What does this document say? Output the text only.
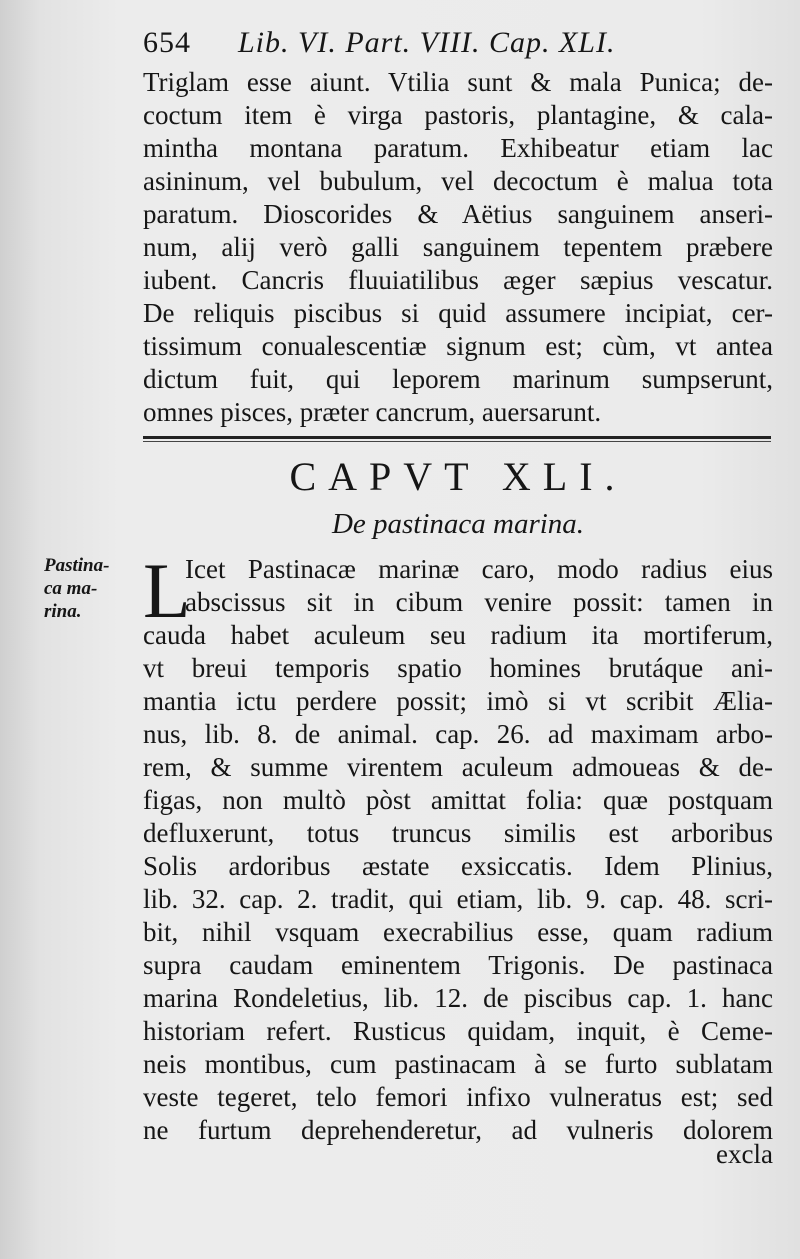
654 Lib. VI. Part. VIII. Cap. XLI.
Triglam esse aiunt. Vtilia sunt & mala Punica; de-
coctum item è virga pastoris, plantagine, & cala-
mintha montana paratum. Exhibeatur etiam lac
asininum, vel bubulum, vel decoctum è malua tota
paratum. Dioscorides & Aëtius sanguinem anseri-
num, alij verò galli sanguinem tepentem præbere
iubent. Cancris fluuiatilibus æger sæpius vescatur.
De reliquis piscibus si quid assumere incipiat, cer-
tissimum conualescentiæ signum est; cùm, vt antea
dictum fuit, qui leporem marinum sumpserunt,
omnes pisces, præter cancrum, auersarunt.
CAPVT XLI.
De pastinaca marina.
Pastina-
ca ma-
rina. L
Icet Pastinacæ marinæ caro, modo radius eius
abscissus sit in cibum venire possit: tamen in
cauda habet aculeum seu radium ita mortiferum,
vt breui temporis spatio homines brutáque ani-
mantia ictu perdere possit; imò si vt scribit Ælia-
nus, lib. 8. de animal. cap. 26. ad maximam arbo-
rem, & summe virentem aculeum admoueas & de-
figas, non multò pòst amittat folia: quæ postquam
defluxerunt, totus truncus similis est arboribus
Solis ardoribus æstate exsiccatis. Idem Plinius,
lib. 32. cap. 2. tradit, qui etiam, lib. 9. cap. 48. scri-
bit, nihil vsquam execrabilius esse, quam radium
supra caudam eminentem Trigonis. De pastinaca
marina Rondeletius, lib. 12. de piscibus cap. 1. hanc
historiam refert. Rusticus quidam, inquit, è Ceme-
neis montibus, cum pastinacam à se furto sublatam
veste tegeret, telo femori infixo vulneratus est; sed
ne furtum deprehenderetur, ad vulneris dolorem
excla
